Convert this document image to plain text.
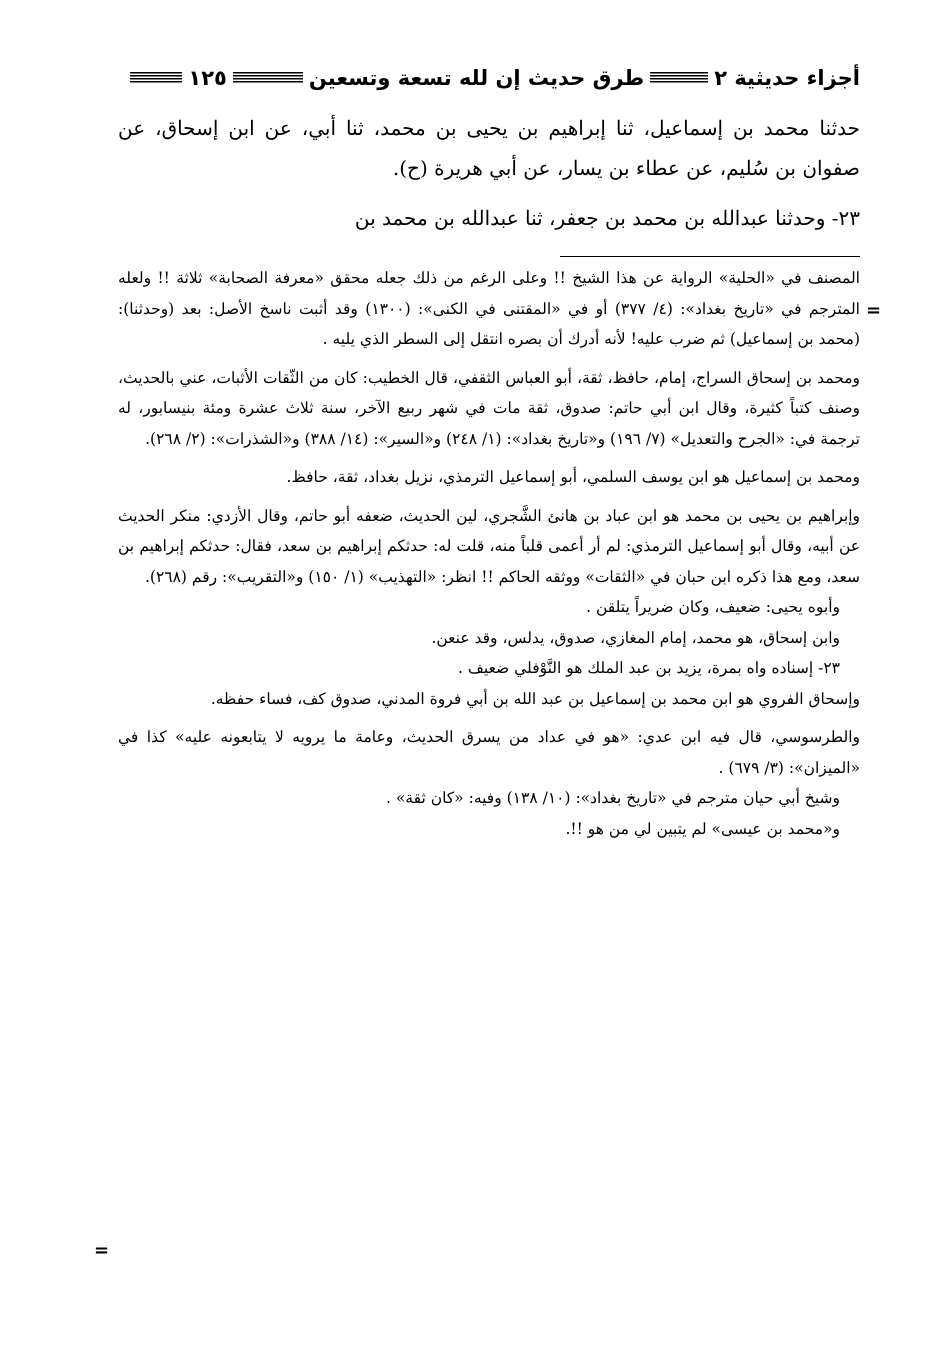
أجزاء حديثية ٢
طرق حديث إن لله تسعة وتسعين
١٢٥

حدثنا محمد بن إسماعيل، ثنا إبراهيم بن يحيى بن محمد، ثنا أبي، عن ابن إسحاق، عن صفوان بن سُليم، عن عطاء بن يسار، عن أبي هريرة (ح).

٢٣- وحدثنا عبدالله بن محمد بن جعفر، ثنا عبدالله بن محمد بن

المصنف في «الحلية» الرواية عن هذا الشيخ !! وعلى الرغم من ذلك جعله محقق «معرفة الصحابة» ثلاثة !! ولعله المترجم في «تاريخ بغداد»: (٤/ ٣٧٧) أو في «المقتنى في الكنى»: (١٣٠٠) وقد أثبت ناسخ الأصل: بعد (وحدثنا): (محمد بن إسماعيل) ثم ضرب عليه! لأنه أدرك أن بصره انتقل إلى السطر الذي يليه .

ومحمد بن إسحاق السراج، إمام، حافظ، ثقة، أبو العباس الثقفي، قال الخطيب: كان من الثّقات الأثبات، عني بالحديث، وصنف كتباً كثيرة، وقال ابن أبي حاتم: صدوق، ثقة مات في شهر ربيع الآخر، سنة ثلاث عشرة ومئة بنيسابور، له ترجمة في: «الجرح والتعديل» (٧/ ١٩٦) و«تاريخ بغداد»: (١/ ٢٤٨) و«السير»: (١٤/ ٣٨٨) و«الشذرات»: (٢/ ٢٦٨).

ومحمد بن إسماعيل هو ابن يوسف السلمي، أبو إسماعيل الترمذي، نزيل بغداد، ثقة، حافظ.

وإبراهيم بن يحيى بن محمد هو ابن عباد بن هانئ الشَّجري، لين الحديث، ضعفه أبو حاتم، وقال الأزدي: منكر الحديث عن أبيه، وقال أبو إسماعيل الترمذي: لم أر أعمى قلباً منه، قلت له: حدثكم إبراهيم بن سعد، فقال: حدثكم إبراهيم بن سعد، ومع هذا ذكره ابن حبان في «الثقات» ووثقه الحاكم !! انظر: «التهذيب» (١/ ١٥٠) و«التقريب»: رقم (٢٦٨).

وأبوه يحيى: ضعيف، وكان ضريراً يتلقن .

وابن إسحاق، هو محمد، إمام المغازي، صدوق، يدلس، وقد عنعن.

٢٣- إسناده واه بمرة، يزيد بن عبد الملك هو النَّوْفلي ضعيف .

وإسحاق الفروي هو ابن محمد بن إسماعيل بن عبد الله بن أبي فروة المدني، صدوق كف، فساء حفظه.

والطرسوسي، قال فيه ابن عدي: «هو في عداد من يسرق الحديث، وعامة ما يرويه لا يتابعونه عليه» كذا في «الميزان»: (٣/ ٦٧٩) .

وشيخ أبي حيان مترجم في «تاريخ بغداد»: (١٠/ ١٣٨) وفيه: «كان ثقة» .

و«محمد بن عيسى» لم يتبين لي من هو !!.

=
=
